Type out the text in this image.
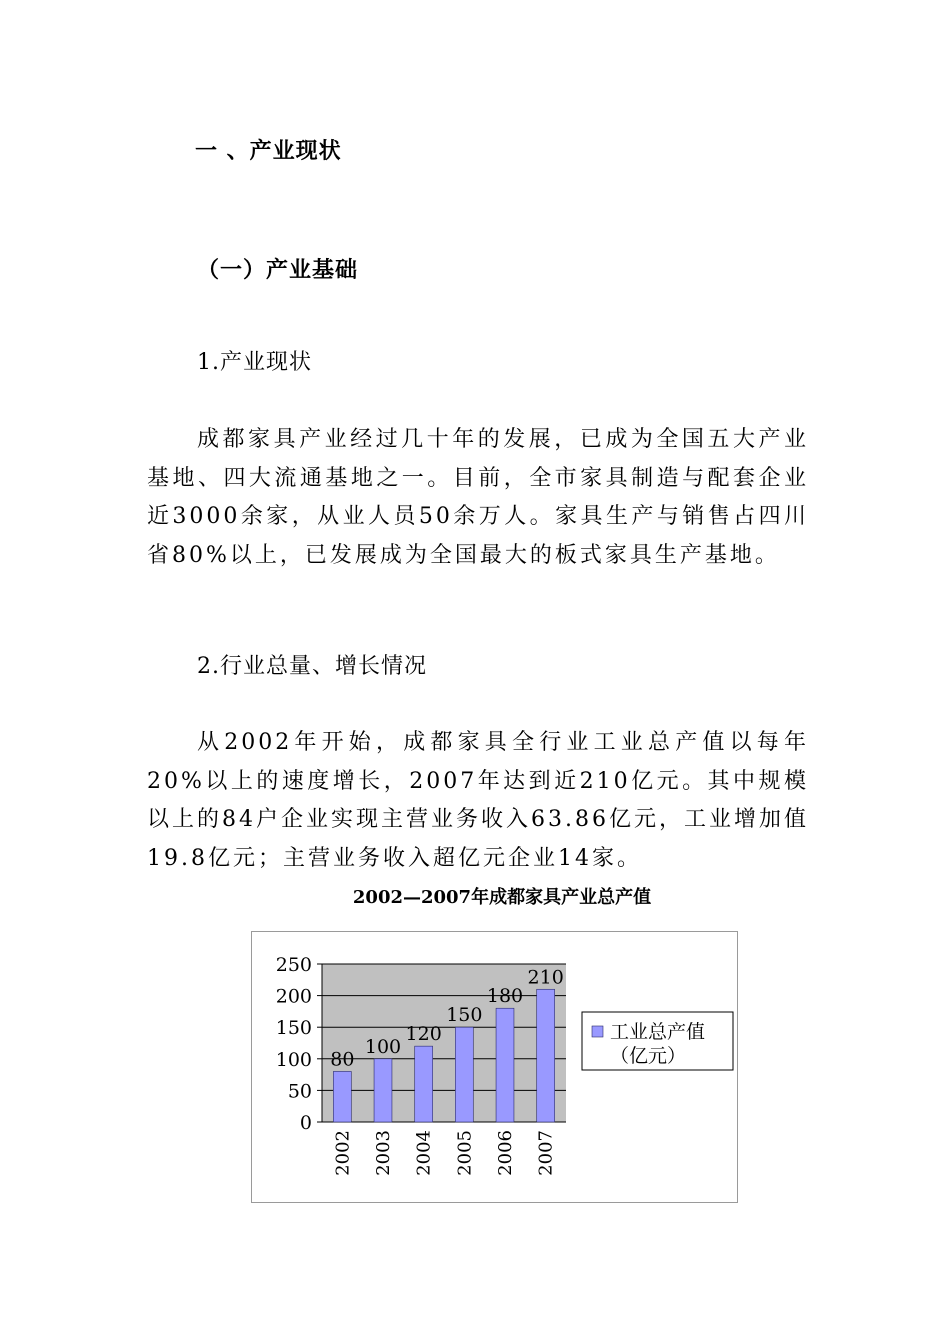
一 、产业现状
（一）产业基础
1.产业现状
成都家具产业经过几十年的发展，已成为全国五大产业基地、四大流通基地之一。目前，全市家具制造与配套企业近3000余家，从业人员50余万人。家具生产与销售占四川省80%以上，已发展成为全国最大的板式家具生产基地。
2.行业总量、增长情况
从2002年开始，成都家具全行业工业总产值以每年20%以上的速度增长，2007年达到近210亿元。其中规模以上的84户企业实现主营业务收入63.86亿元，工业增加值19.8亿元；主营业务收入超亿元企业14家。
2002—2007年成都家具产业总产值
0
50
100
150
200
250
80
2002
100
2003
120
2004
150
2005
180
2006
210
2007
工业总产值
（亿元）
